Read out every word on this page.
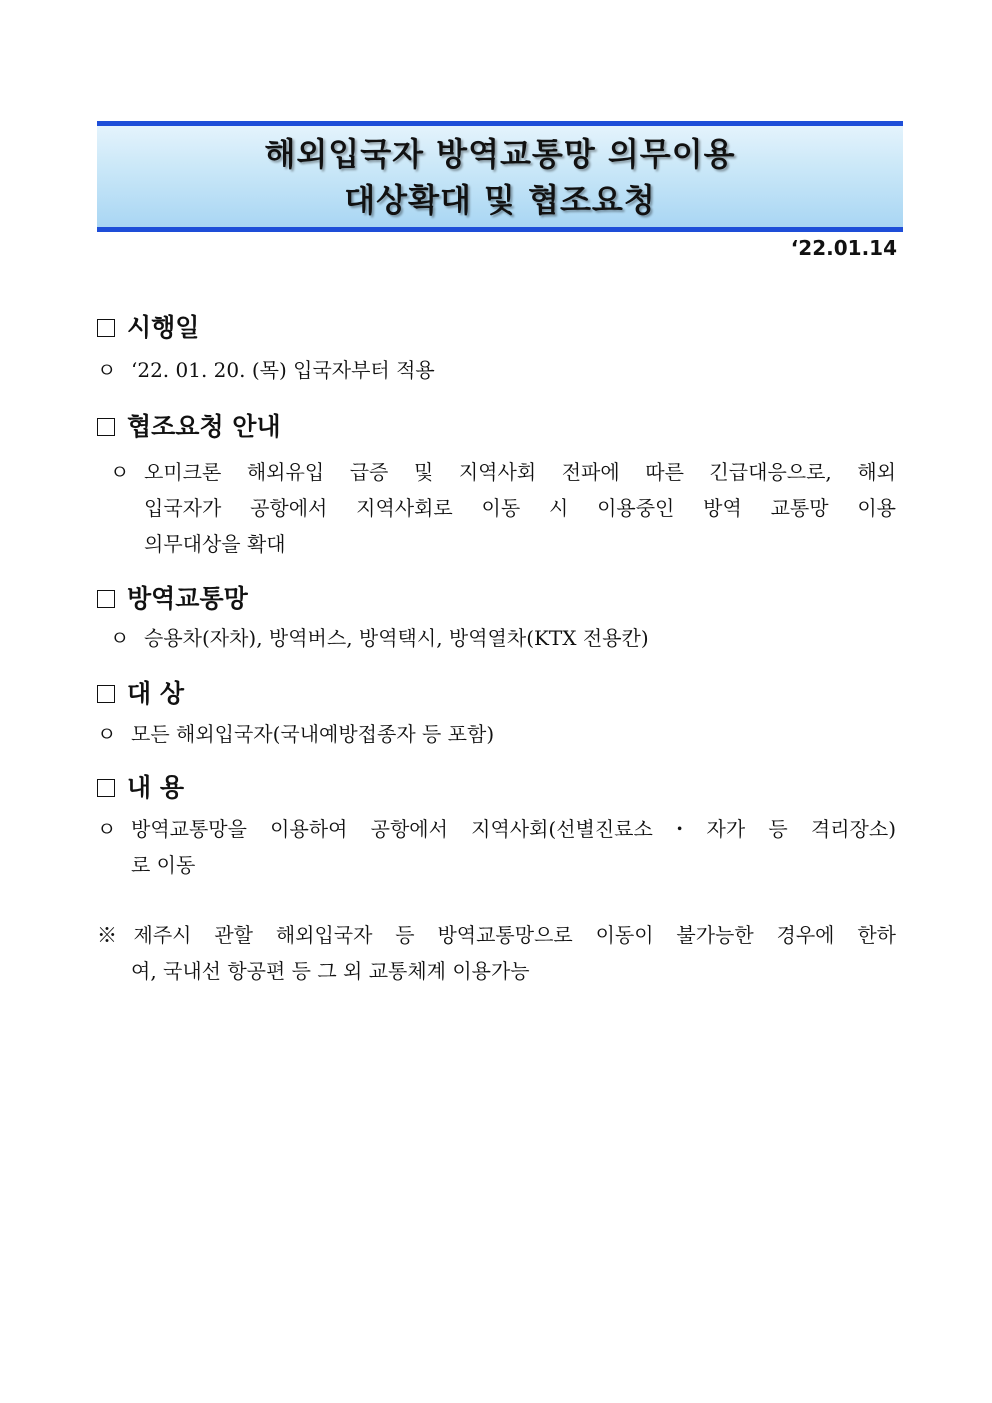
해외입국자 방역교통망 의무이용
대상확대 및 협조요청
‘22.01.14
시행일
ㅇ ‘22. 01. 20. (목) 입국자부터 적용
협조요청 안내
ㅇ 오미크론 해외유입 급증 및 지역사회 전파에 따른 긴급대응으로, 해외
입국자가 공항에서 지역사회로 이동 시 이용중인 방역 교통망 이용
의무대상을 확대
방역교통망
ㅇ 승용차(자차), 방역버스, 방역택시, 방역열차(KTX 전용칸)
대 상
ㅇ 모든 해외입국자(국내예방접종자 등 포함)
내 용
ㅇ 방역교통망을 이용하여 공항에서 지역사회(선별진료소・자가 등 격리장소)
로 이동
※제주시 관할 해외입국자 등 방역교통망으로 이동이 불가능한 경우에 한하
여, 국내선 항공편 등 그 외 교통체계 이용가능
